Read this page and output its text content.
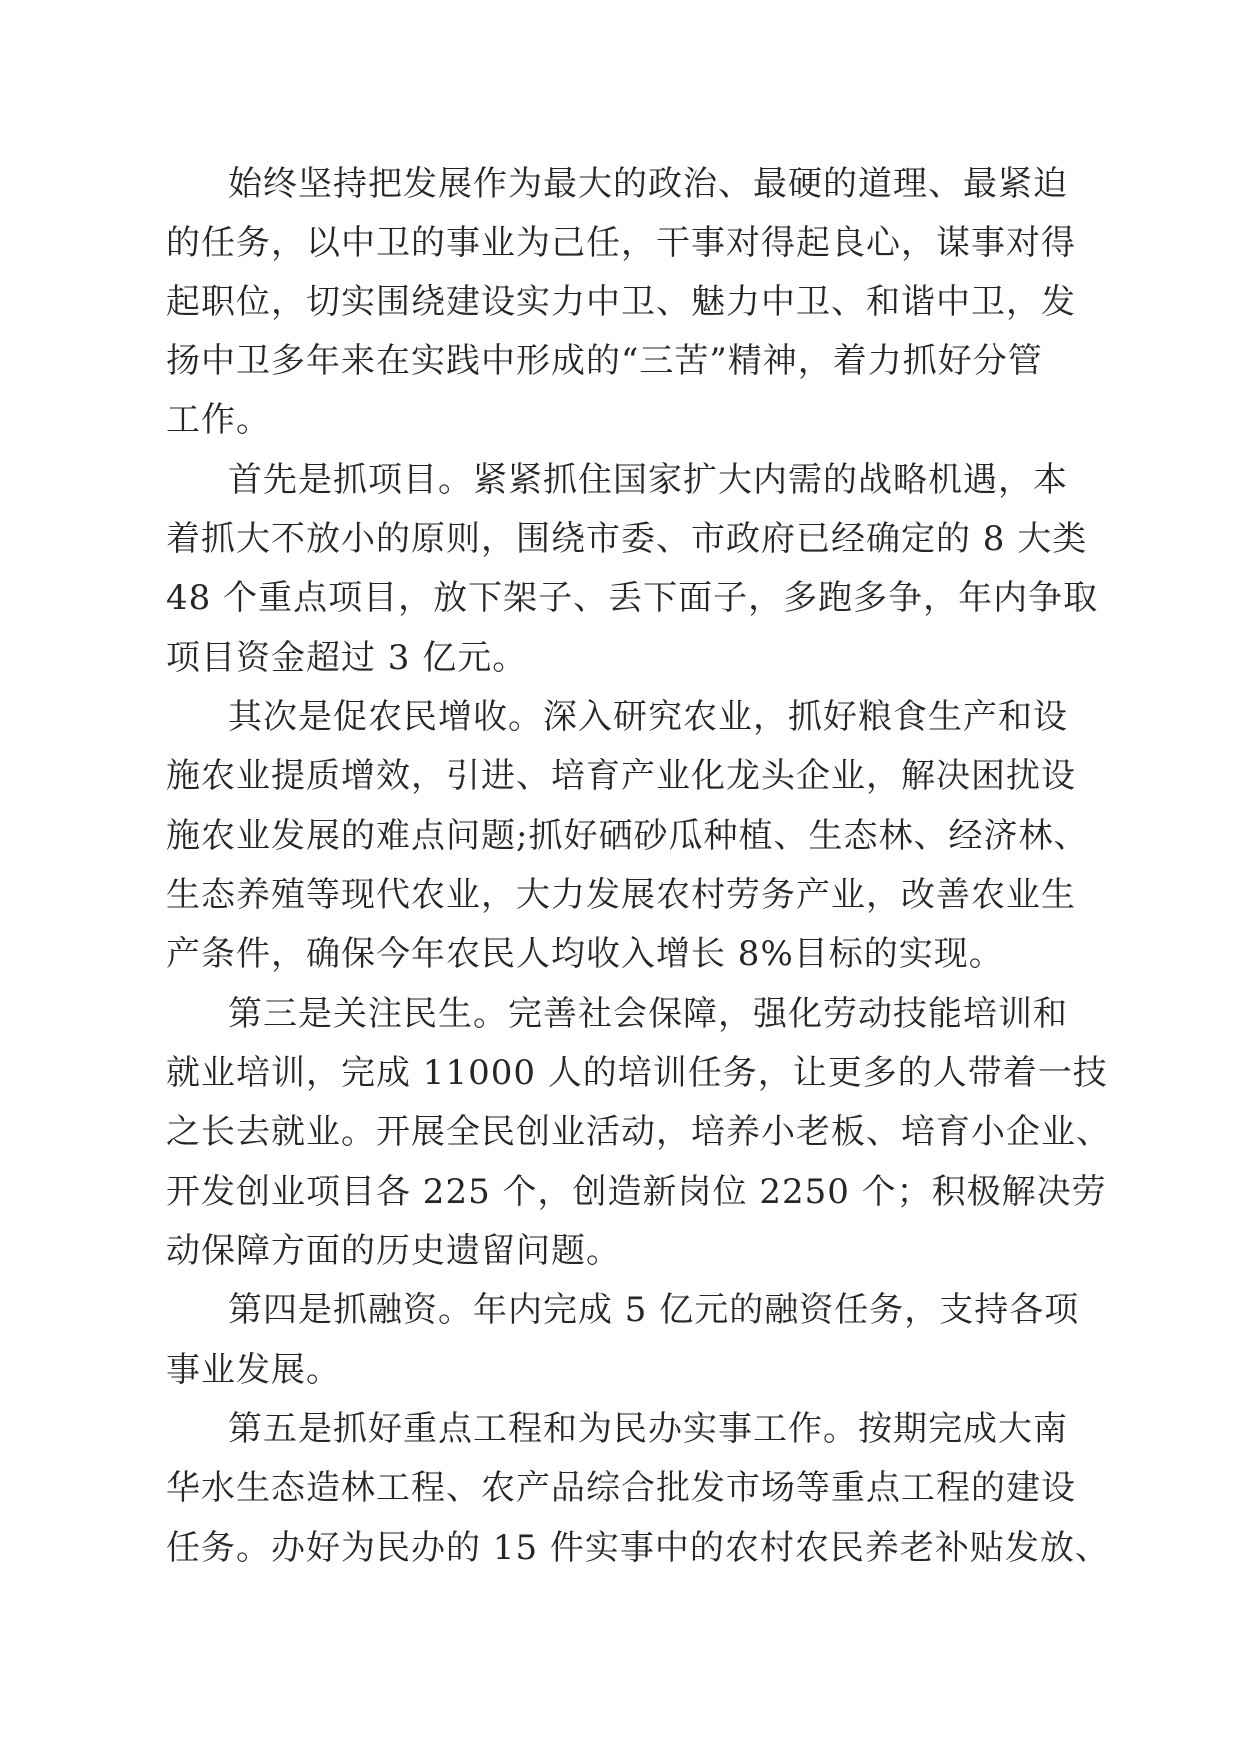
始终坚持把发展作为最大的政治、最硬的道理、最紧迫
的任务，以中卫的事业为己任，干事对得起良心，谋事对得
起职位，切实围绕建设实力中卫、魅力中卫、和谐中卫，发
扬中卫多年来在实践中形成的“三苦”精神，着力抓好分管
工作。
首先是抓项目。紧紧抓住国家扩大内需的战略机遇，本
着抓大不放小的原则，围绕市委、市政府已经确定的 8 大类
48 个重点项目，放下架子、丢下面子，多跑多争，年内争取
项目资金超过 3 亿元。
其次是促农民增收。深入研究农业，抓好粮食生产和设
施农业提质增效，引进、培育产业化龙头企业，解决困扰设
施农业发展的难点问题;抓好硒砂瓜种植、生态林、经济林、
生态养殖等现代农业，大力发展农村劳务产业，改善农业生
产条件，确保今年农民人均收入增长 8%目标的实现。
第三是关注民生。完善社会保障，强化劳动技能培训和
就业培训，完成 11000 人的培训任务，让更多的人带着一技
之长去就业。开展全民创业活动，培养小老板、培育小企业、
开发创业项目各 225 个，创造新岗位 2250 个；积极解决劳
动保障方面的历史遗留问题。
第四是抓融资。年内完成 5 亿元的融资任务，支持各项
事业发展。
第五是抓好重点工程和为民办实事工作。按期完成大南
华水生态造林工程、农产品综合批发市场等重点工程的建设
任务。办好为民办的 15 件实事中的农村农民养老补贴发放、
